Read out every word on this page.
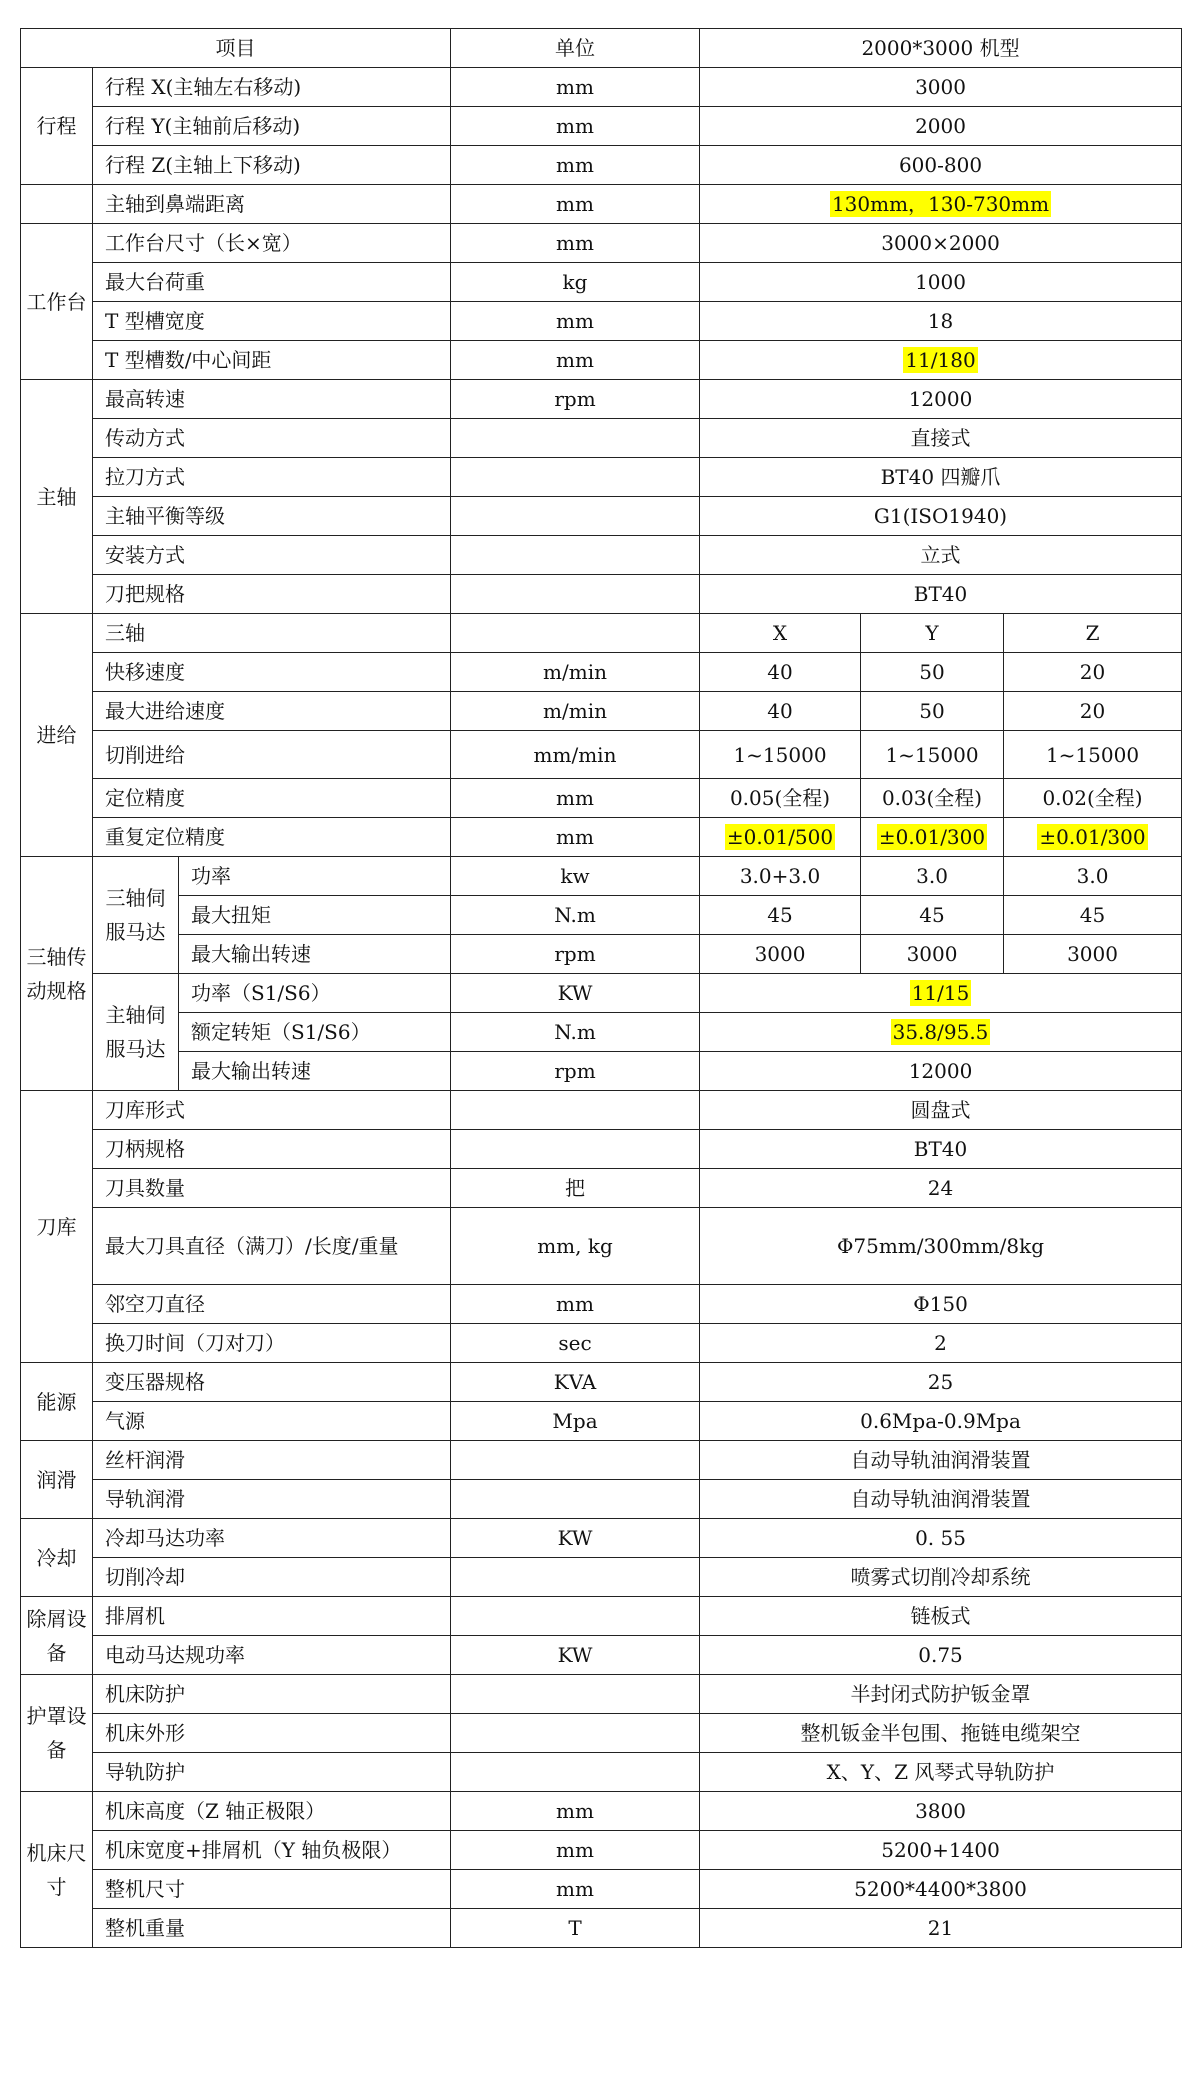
项目			单位	2000*3000 机型		
行程	行程 X(主轴左右移动)		mm	3000		
	行程 Y(主轴前后移动)		mm	2000		
	行程 Z(主轴上下移动)		mm	600-800		
	主轴到鼻端距离		mm	130mm，130-730mm		
工作台	工作台尺寸（长×宽）		mm	3000×2000		
	最大台荷重		kg	1000		
	T 型槽宽度		mm	18		
	T 型槽数/中心间距		mm	11/180		
主轴	最高转速		rpm	12000		
	传动方式			直接式		
	拉刀方式			BT40 四瓣爪		
	主轴平衡等级			G1(ISO1940)		
	安装方式			立式		
	刀把规格			BT40		
进给	三轴			X	Y	Z
	快移速度		m/min	40	50	20
	最大进给速度		m/min	40	50	20
	切削进给		mm/min	1~15000	1~15000	1~15000
	定位精度		mm	0.05(全程)	0.03(全程)	0.02(全程)
	重复定位精度		mm	±0.01/500	±0.01/300	±0.01/300
三轴传动规格	三轴伺服马达	功率	kw	3.0+3.0	3.0	3.0
		最大扭矩	N.m	45	45	45
		最大输出转速	rpm	3000	3000	3000
	主轴伺服马达	功率（S1/S6）	KW	11/15		
		额定转矩（S1/S6）	N.m	35.8/95.5		
		最大输出转速	rpm	12000		
刀库	刀库形式			圆盘式		
	刀柄规格			BT40		
	刀具数量		把	24		
	最大刀具直径（满刀）/长度/重量		mm, kg	Φ75mm/300mm/8kg		
	邻空刀直径		mm	Φ150		
	换刀时间（刀对刀）		sec	2		
能源	变压器规格		KVA	25		
	气源		Mpa	0.6Mpa-0.9Mpa		
润滑	丝杆润滑			自动导轨油润滑装置		
	导轨润滑			自动导轨油润滑装置		
冷却	冷却马达功率		KW	0. 55		
	切削冷却			喷雾式切削冷却系统		
除屑设备	排屑机			链板式		
	电动马达规功率		KW	0.75		
护罩设备	机床防护			半封闭式防护钣金罩		
	机床外形			整机钣金半包围、拖链电缆架空		
	导轨防护			X、Y、Z 风琴式导轨防护		
机床尺寸	机床高度（Z 轴正极限）		mm	3800		
	机床宽度+排屑机（Y 轴负极限）		mm	5200+1400		
	整机尺寸		mm	5200*4400*3800		
	整机重量		T	21		
